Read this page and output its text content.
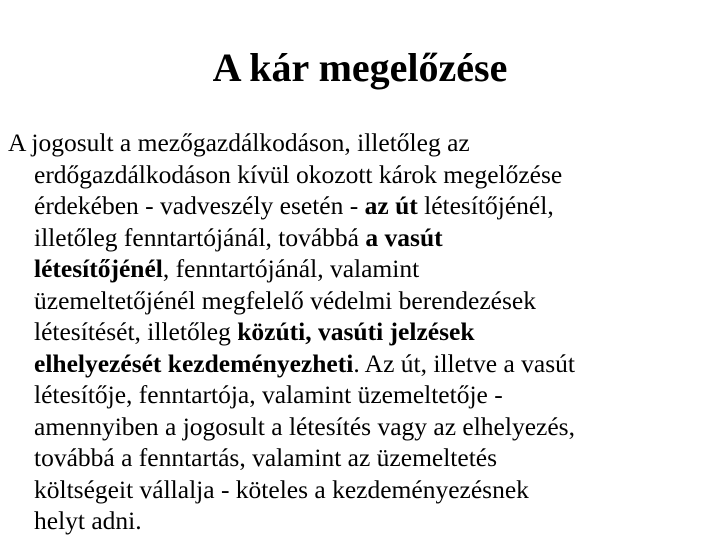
A kár megelőzése
A jogosult a mezőgazdálkodáson, illetőleg az
erdőgazdálkodáson kívül okozott károk megelőzése
érdekében - vadveszély esetén - az út létesítőjénél,
illetőleg fenntartójánál, továbbá a vasút
létesítőjénél, fenntartójánál, valamint
üzemeltetőjénél megfelelő védelmi berendezések
létesítését, illetőleg közúti, vasúti jelzések
elhelyezését kezdeményezheti. Az út, illetve a vasút
létesítője, fenntartója, valamint üzemeltetője -
amennyiben a jogosult a létesítés vagy az elhelyezés,
továbbá a fenntartás, valamint az üzemeltetés
költségeit vállalja - köteles a kezdeményezésnek
helyt adni.
